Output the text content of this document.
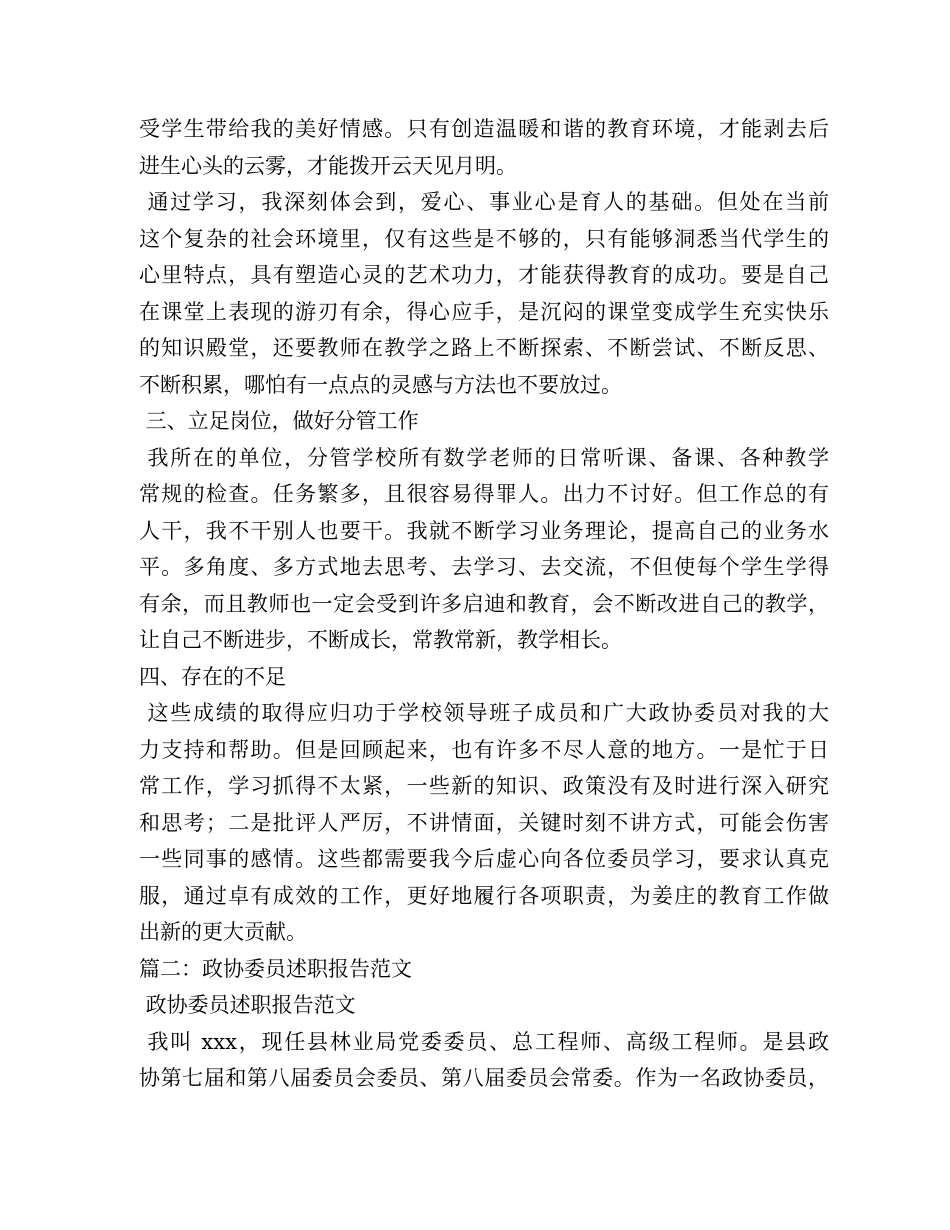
受学生带给我的美好情感。只有创造温暖和谐的教育环境，才能剥去后
进生心头的云雾，才能拨开云天见月明。
通过学习，我深刻体会到，爱心、事业心是育人的基础。但处在当前
这个复杂的社会环境里，仅有这些是不够的，只有能够洞悉当代学生的
心里特点，具有塑造心灵的艺术功力，才能获得教育的成功。要是自己
在课堂上表现的游刃有余，得心应手，是沉闷的课堂变成学生充实快乐
的知识殿堂，还要教师在教学之路上不断探索、不断尝试、不断反思、
不断积累，哪怕有一点点的灵感与方法也不要放过。
三、立足岗位，做好分管工作
我所在的单位，分管学校所有数学老师的日常听课、备课、各种教学
常规的检查。任务繁多，且很容易得罪人。出力不讨好。但工作总的有
人干，我不干别人也要干。我就不断学习业务理论，提高自己的业务水
平。多角度、多方式地去思考、去学习、去交流，不但使每个学生学得
有余，而且教师也一定会受到许多启迪和教育，会不断改进自己的教学，
让自己不断进步，不断成长，常教常新，教学相长。
四、存在的不足
这些成绩的取得应归功于学校领导班子成员和广大政协委员对我的大
力支持和帮助。但是回顾起来，也有许多不尽人意的地方。一是忙于日
常工作，学习抓得不太紧，一些新的知识、政策没有及时进行深入研究
和思考；二是批评人严厉，不讲情面，关键时刻不讲方式，可能会伤害
一些同事的感情。这些都需要我今后虚心向各位委员学习，要求认真克
服，通过卓有成效的工作，更好地履行各项职责，为姜庄的教育工作做
出新的更大贡献。
篇二：政协委员述职报告范文
政协委员述职报告范文
我叫 xxx，现任县林业局党委委员、总工程师、高级工程师。是县政
协第七届和第八届委员会委员、第八届委员会常委。作为一名政协委员，
